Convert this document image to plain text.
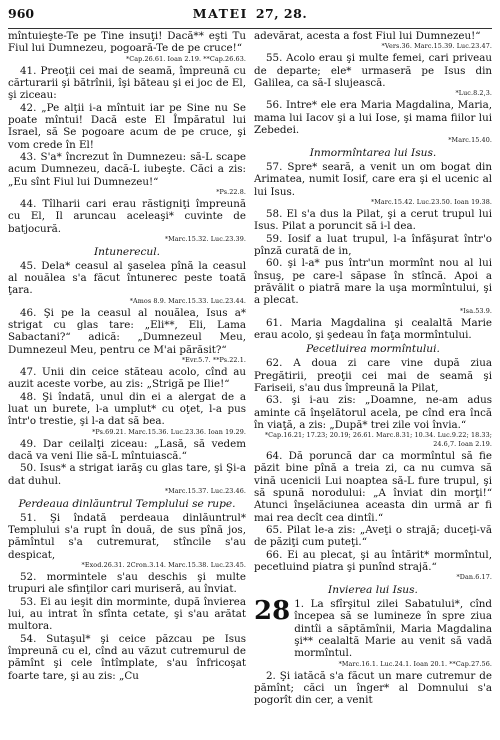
960	MATEI 27, 28.

mîntuieşte-Te pe Tine insuţi! Dacă** eşti Tu Fiul lui Dumnezeu, pogoară-Te de pe cruce!“

*Cap.26.61. Ioan 2.19. **Cap.26.63.

41. Preoţii cei mai de seamă, împreună cu cărturarii şi bătrînii, îşi băteau şi ei joc de El, şi ziceau:

42. „Pe alţii i-a mîntuit iar pe Sine nu Se poate mîntui! Dacă este El Împăratul lui Israel, să Se pogoare acum de pe cruce, şi vom crede în El!

43. S'a* încrezut în Dumnezeu: să-L scape acum Dumnezeu, dacă-L iubeşte. Căci a zis: „Eu sînt Fiul lui Dumnezeu!“

*Ps.22.8.

44. Tîlharii cari erau răstigniţi împreună cu El, Il aruncau aceleaşi* cuvinte de batjocură.

*Marc.15.32. Luc.23.39.
Intunerecul.

45. Dela* ceasul al şaselea pînă la ceasul al nouălea s'a făcut întunerec peste toată ţara.

*Amos 8.9. Marc.15.33. Luc.23.44.

46. Şi pe la ceasul al nouălea, Isus a* strigat cu glas tare: „Eli**, Eli, Lama Sabactani?“ adică: „Dumnezeul Meu, Dumnezeul Meu, pentru ce M'ai părăsit?“

*Evr.5.7. **Ps.22.1.

47. Unii din ceice stăteau acolo, cînd au auzit aceste vorbe, au zis: „Strigă pe Ilie!“

48. Şi îndată, unul din ei a alergat de a luat un burete, l-a umplut* cu oţet, l-a pus într'o trestie, şi l-a dat să bea.

*Ps.69.21. Marc.15.36. Luc.23.36. Ioan 19.29.

49. Dar ceilalţi ziceau: „Lasă, să vedem dacă va veni Ilie să-L mîntuiască.“

50. Isus* a strigat iarăş cu glas tare, şi Şi-a dat duhul.

*Marc.15.37. Luc.23.46.
Perdeaua dinlăuntrul Templului se rupe.

51. Şi îndată perdeaua dinlăuntrul* Templului s'a rupt în două, de sus pînă jos, pămîntul s'a cutremurat, stîncile s'au despicat,

*Exod.26.31. 2Cron.3.14. Marc.15.38. Luc.23.45.

52. mormintele s'au deschis şi multe trupuri ale sfinţilor cari muriseră, au înviat.

53. Ei au ieşit din morminte, după învierea lui, au intrat în sfînta cetate, şi s'au arătat multora.

54. Sutaşul* şi ceice păzcau pe Isus împreună cu el, cînd au văzut cutremurul de pămînt şi cele întîmplate, s'au înfricoşat foarte tare, şi au zis: „Cu

adevărat, acesta a fost Fiul lui Dumnezeu!“

*Vers.36. Marc.15.39. Luc.23.47.

55. Acolo erau şi multe femei, cari priveau de departe; ele* urmaseră pe Isus din Galilea, ca să-I slujească.

*Luc.8.2,3.

56. Intre* ele era Maria Magdalina, Maria, mama lui Iacov şi a lui Iose, şi mama fiilor lui Zebedei.

*Marc.15.40.
Inmormîntarea lui Isus.

57. Spre* seară, a venit un om bogat din Arimatea, numit Iosif, care era şi el ucenic al lui Isus.

*Marc.15.42. Luc.23.50. Ioan 19.38.

58. El s'a dus la Pilat, şi a cerut trupul lui Isus. Pilat a poruncit să i-l dea.

59. Iosif a luat trupul, l-a înfăşurat într'o pînză curată de in,

60. şi l-a* pus într'un mormînt nou al lui însuş, pe care-l săpase în stîncă. Apoi a prăvălit o piatră mare la uşa mormîntului, şi a plecat.

*Isa.53.9.

61. Maria Magdalina şi cealaltă Marie erau acolo, şi şedeau în faţa mormîntului.

Pecetluirea mormîntului.

62. A doua zi care vine după ziua Pregătirii, preoţii cei mai de seamă şi Fariseii, s'au dus împreună la Pilat,

63. şi i-au zis: „Doamne, ne-am adus aminte că înşelătorul acela, pe cînd era încă în viaţă, a zis: „După* trei zile voi învia.“

*Cap.16.21; 17.23; 20.19; 26.61. Marc.8.31; 10.34. Luc.9.22; 18.33; 24.6,7. Ioan 2.19.

64. Dă poruncă dar ca mormîntul să fie păzit bine pînă a treia zi, ca nu cumva să vină ucenicii Lui noaptea să-L fure trupul, şi să spună norodului: „A înviat din morţi!“ Atunci înşelăciunea aceasta din urmă ar fi mai rea decît cea dintîi.“

65. Pilat le-a zis: „Aveţi o strajă; duceţi-vă de păziţi cum puteţi.“

66. Ei au plecat, şi au întărit* mormîntul, pecetluind piatra şi punînd strajă.“

*Dan.6.17.
Invierea lui Isus.
28 1. La sfîrşitul zilei Sabatului*, cînd începea să se lumineze în spre ziua dintîi a săptămînii, Maria Magdalina şi** cealaltă Marie au venit să vadă mormîntul.

*Marc.16.1. Luc.24.1. Ioan 20.1. **Cap.27.56.

2. Şi iatăcă s'a făcut un mare cutremur de pămînt; căci un înger* al Domnului s'a pogorît din cer, a venit
